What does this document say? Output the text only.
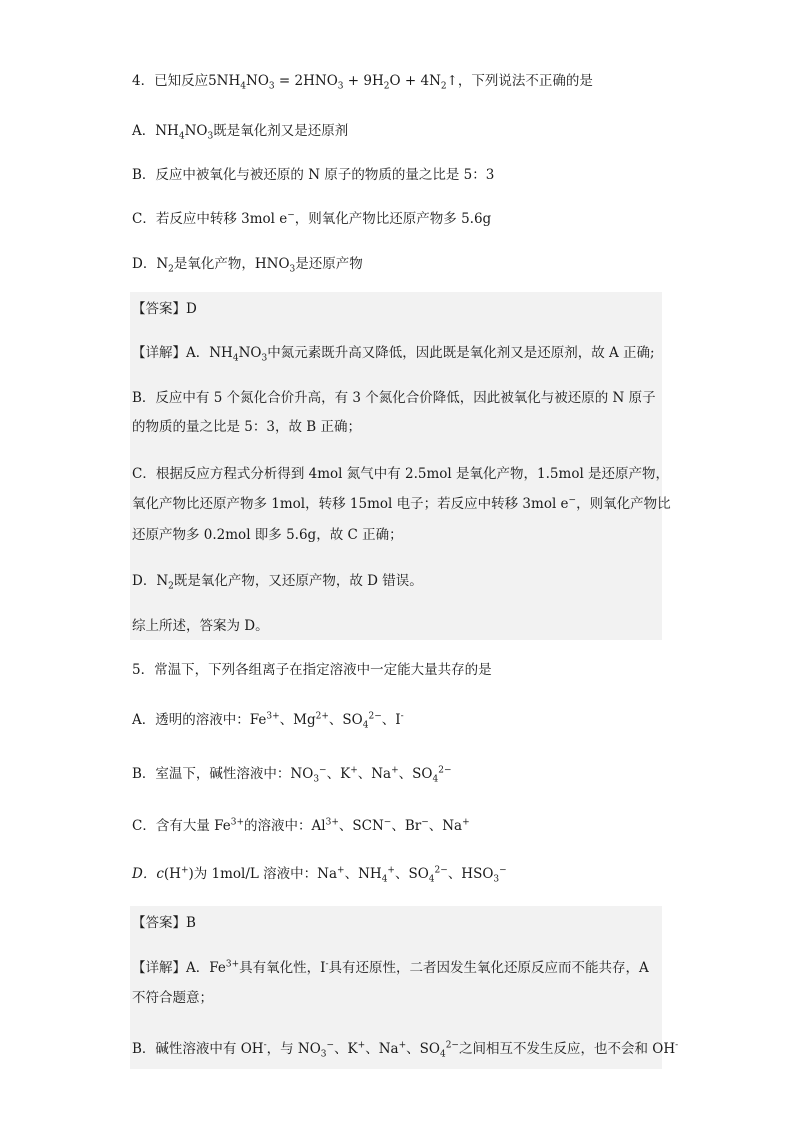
4．已知反应$5NH_4NO_3 = 2HNO_3 + 9H_2O$ + $4N_2↑$，下列说法不正确的是
A．$NH_4NO_3$既是氧化剂又是还原剂
B．反应中被氧化与被还原的 N 原子的物质的量之比是 5：3
C．若反应中转移 3mol e−，则氧化产物比还原产物多 5.6g
D．$N_2$是氧化产物，$HNO_3$是还原产物
【答案】D
【详解】A．$NH_4NO_3$中氮元素既升高又降低，因此既是氧化剂又是还原剂，故 A 正确;
B．反应中有 5 个氮化合价升高，有 3 个氮化合价降低，因此被氧化与被还原的 N 原子
的物质的量之比是 5：3，故 B 正确；
C．根据反应方程式分析得到 4mol 氮气中有 2.5mol 是氧化产物，1.5mol 是还原产物，
氧化产物比还原产物多 1mol，转移 15mol 电子；若反应中转移 3mol e−，则氧化产物比
还原产物多 0.2mol 即多 5.6g，故 C 正确；
D．$N_2$既是氧化产物，又还原产物，故 D 错误。
综上所述，答案为 D。
5．常温下，下列各组离子在指定溶液中一定能大量共存的是
A．透明的溶液中：$Fe^{3+}$、$Mg^{2+}$、$SO_4^{2-}$、I-
B．室温下，碱性溶液中：$NO_3^-$、K+、Na+、$SO_4^{2-}$
C．含有大量 $Fe^{3+}$的溶液中：$Al^{3+}$、SCN−、Br−、Na+
D．c(H+)为 1mol/L 溶液中：Na+、$NH_4^+$、$SO_4^{2-}$、$HSO_3^-$
【答案】B
【详解】A．$Fe^{3+}$具有氧化性，I-具有还原性，二者因发生氧化还原反应而不能共存，A
不符合题意；
B．碱性溶液中有 OH-，与 $NO_3^-$、K+、Na+、$SO_4^{2-}$之间相互不发生反应，也不会和 OH-
